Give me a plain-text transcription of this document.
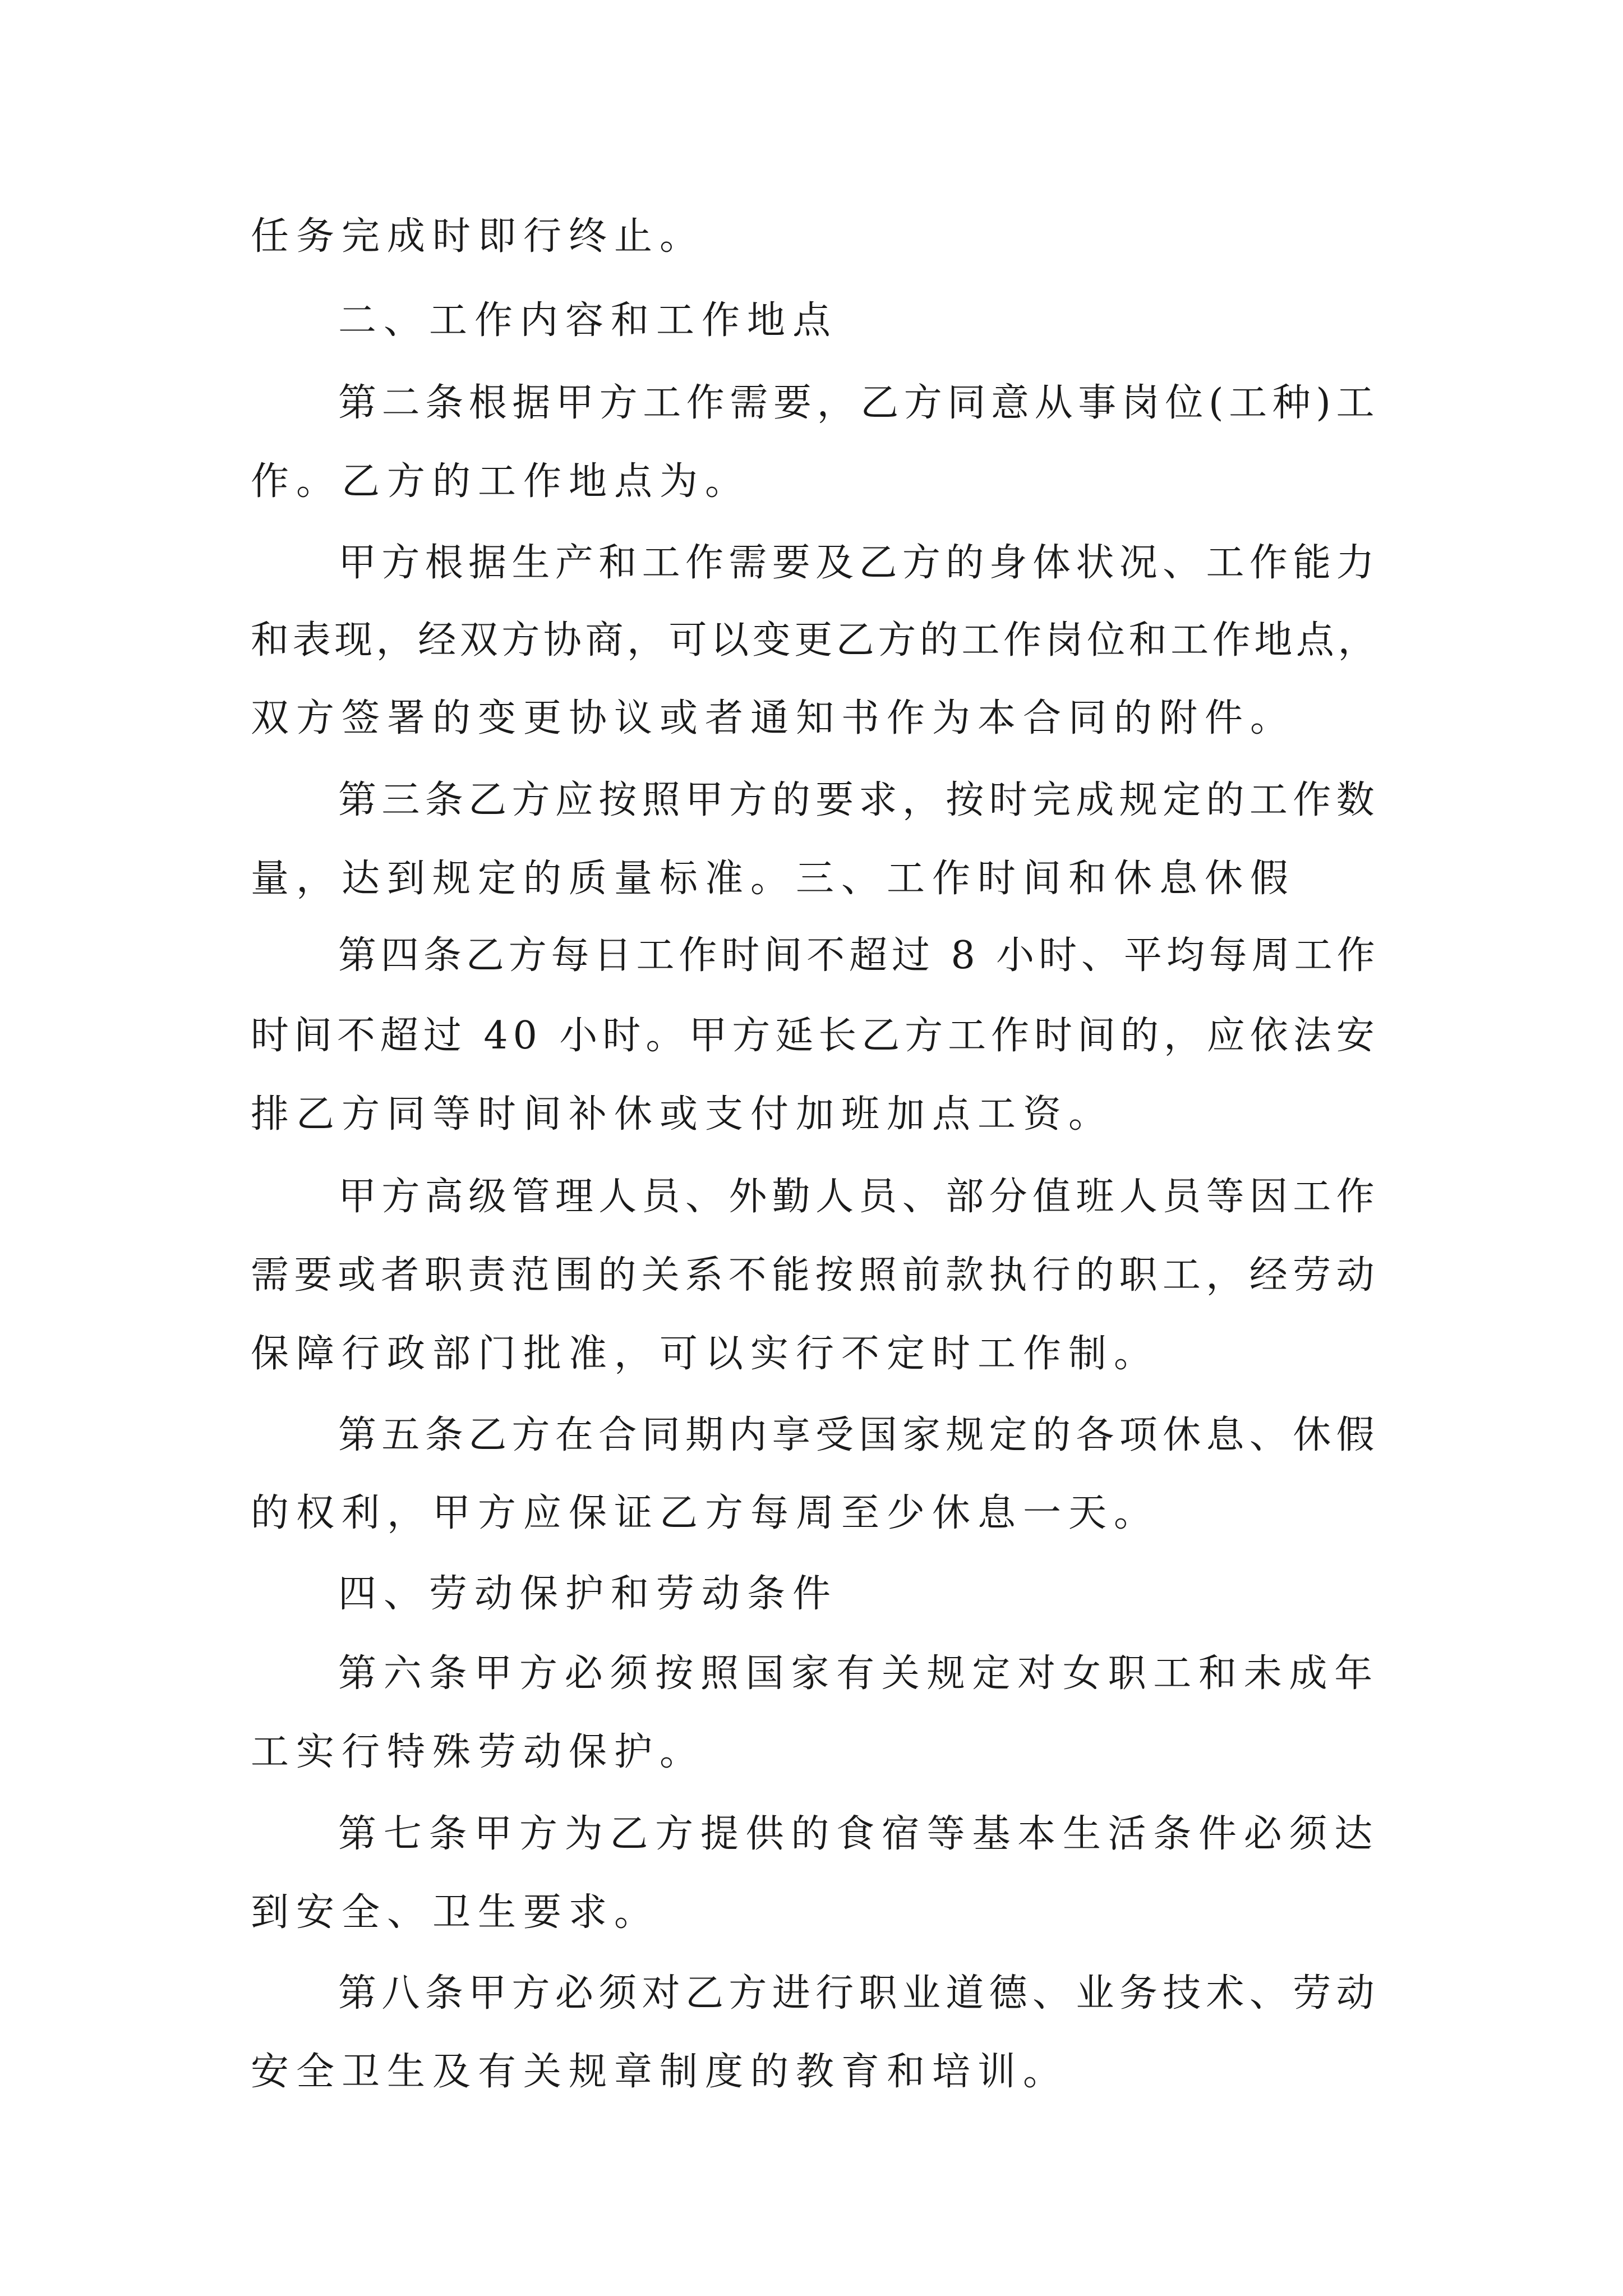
任务完成时即行终止。

二、工作内容和工作地点

第二条根据甲方工作需要，乙方同意从事岗位(工种)工

作。乙方的工作地点为。

甲方根据生产和工作需要及乙方的身体状况、工作能力

和表现，经双方协商，可以变更乙方的工作岗位和工作地点，

双方签署的变更协议或者通知书作为本合同的附件。

第三条乙方应按照甲方的要求，按时完成规定的工作数

量，达到规定的质量标准。三、工作时间和休息休假

第四条乙方每日工作时间不超过 8 小时、平均每周工作

时间不超过 40 小时。甲方延长乙方工作时间的，应依法安

排乙方同等时间补休或支付加班加点工资。

甲方高级管理人员、外勤人员、部分值班人员等因工作

需要或者职责范围的关系不能按照前款执行的职工，经劳动

保障行政部门批准，可以实行不定时工作制。

第五条乙方在合同期内享受国家规定的各项休息、休假

的权利，甲方应保证乙方每周至少休息一天。

四、劳动保护和劳动条件

第六条甲方必须按照国家有关规定对女职工和未成年

工实行特殊劳动保护。

第七条甲方为乙方提供的食宿等基本生活条件必须达

到安全、卫生要求。

第八条甲方必须对乙方进行职业道德、业务技术、劳动

安全卫生及有关规章制度的教育和培训。
